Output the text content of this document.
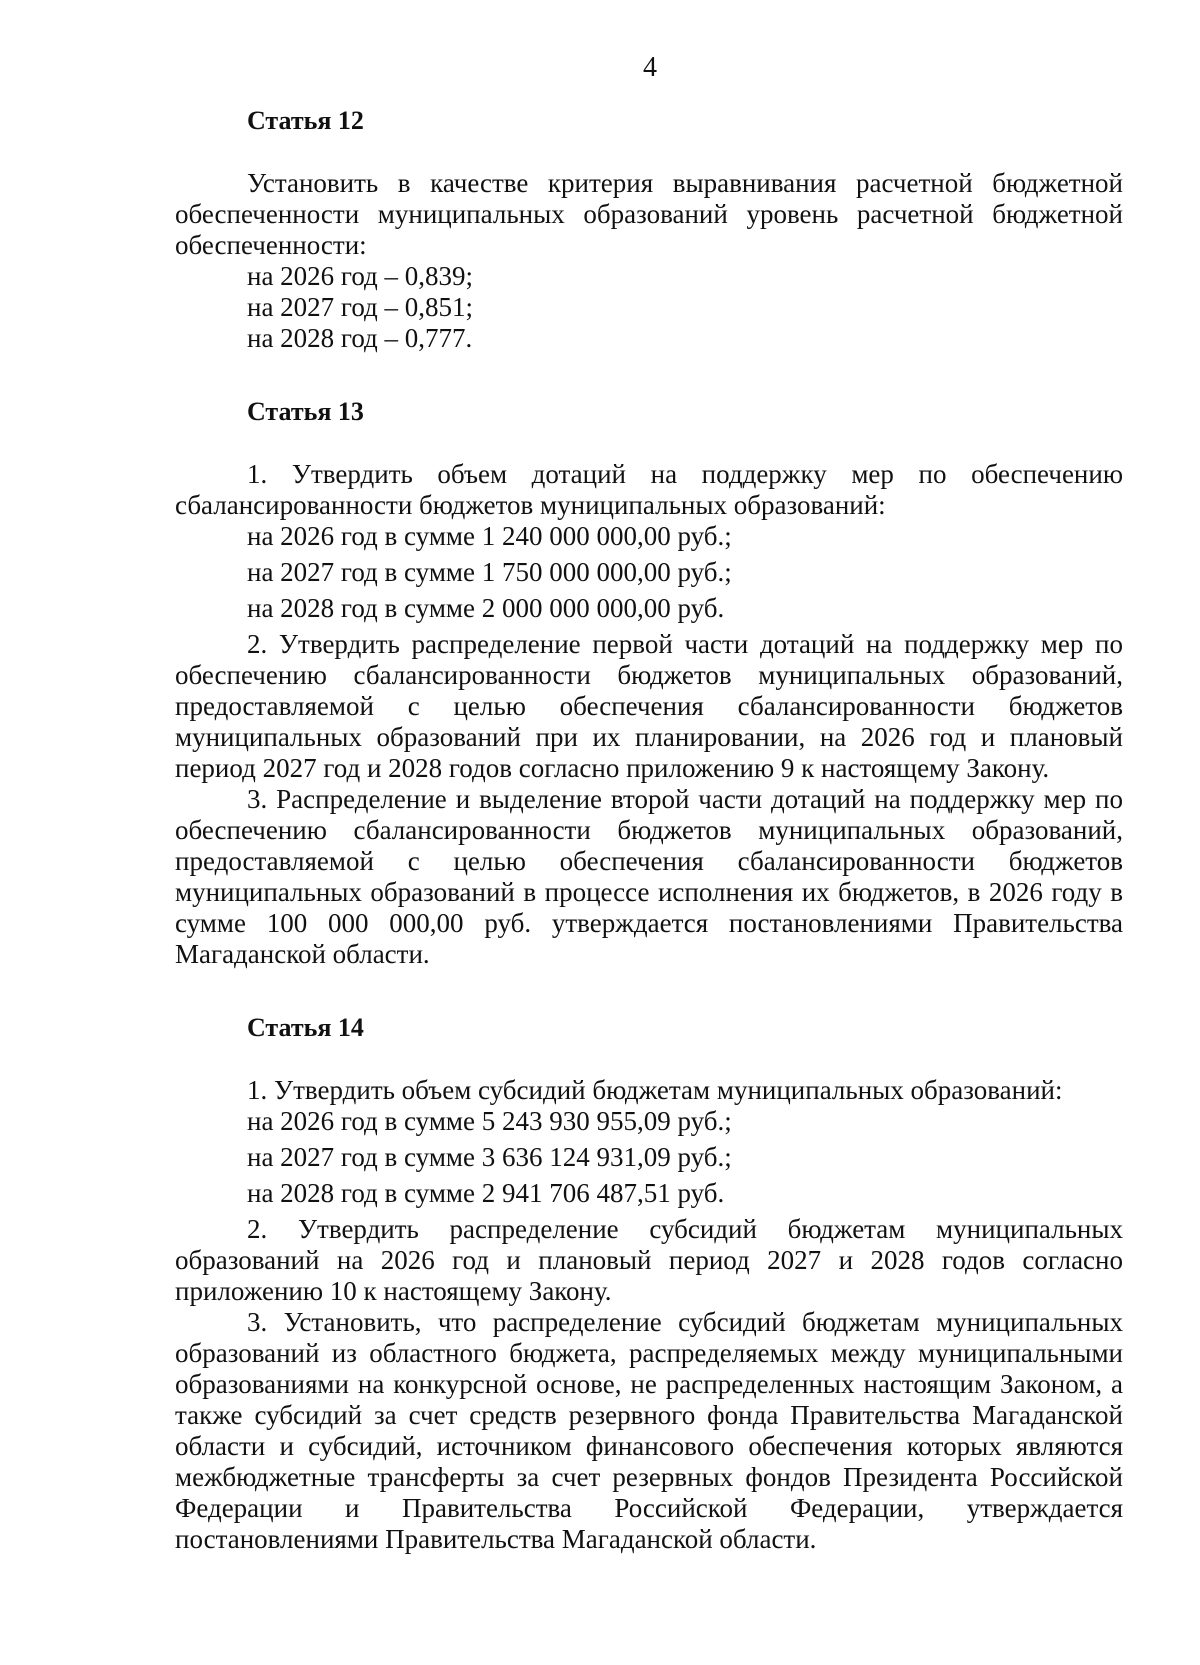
4
Статья 12

Установить в качестве критерия выравнивания расчетной бюджетной обеспеченности муниципальных образований уровень расчетной бюджетной обеспеченности:

на 2026 год – 0,839;
на 2027 год – 0,851;
на 2028 год – 0,777.
Статья 13

1. Утвердить объем дотаций на поддержку мер по обеспечению сбалансированности бюджетов муниципальных образований:

на 2026 год в сумме 1 240 000 000,00 руб.;
на 2027 год в сумме 1 750 000 000,00 руб.;
на 2028 год в сумме 2 000 000 000,00 руб.

2. Утвердить распределение первой части дотаций на поддержку мер по обеспечению сбалансированности бюджетов муниципальных образований, предоставляемой с целью обеспечения сбалансированности бюджетов муниципальных образований при их планировании, на 2026 год и плановый период 2027 год и 2028 годов согласно приложению 9 к настоящему Закону.

3. Распределение и выделение второй части дотаций на поддержку мер по обеспечению сбалансированности бюджетов муниципальных образований, предоставляемой с целью обеспечения сбалансированности бюджетов муниципальных образований в процессе исполнения их бюджетов, в 2026 году в сумме 100 000 000,00 руб. утверждается постановлениями Правительства Магаданской области.

Статья 14

1. Утвердить объем субсидий бюджетам муниципальных образований:

на 2026 год в сумме 5 243 930 955,09 руб.;
на 2027 год в сумме 3 636 124 931,09 руб.;
на 2028 год в сумме 2 941 706 487,51 руб.

2. Утвердить распределение субсидий бюджетам муниципальных образований на 2026 год и плановый период 2027 и 2028 годов согласно приложению 10 к настоящему Закону.

3. Установить, что распределение субсидий бюджетам муниципальных образований из областного бюджета, распределяемых между муниципальными образованиями на конкурсной основе, не распределенных настоящим Законом, а также субсидий за счет средств резервного фонда Правительства Магаданской области и субсидий, источником финансового обеспечения которых являются межбюджетные трансферты за счет резервных фондов Президента Российской Федерации и Правительства Российской Федерации, утверждается постановлениями Правительства Магаданской области.
